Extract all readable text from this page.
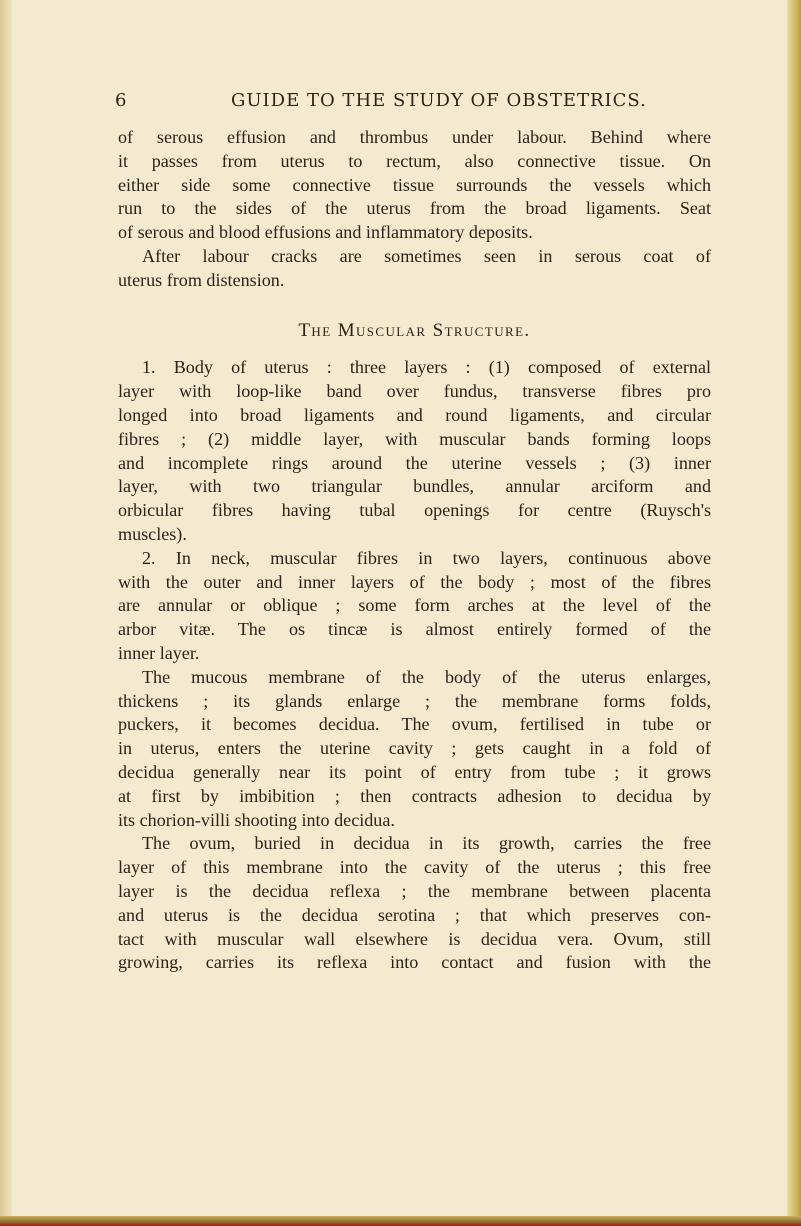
6	GUIDE TO THE STUDY OF OBSTETRICS.
of serous effusion and thrombus under labour. Behind where
it passes from uterus to rectum, also connective tissue. On
either side some connective tissue surrounds the vessels which
run to the sides of the uterus from the broad ligaments. Seat
of serous and blood effusions and inflammatory deposits.
After labour cracks are sometimes seen in serous coat of
uterus from distension.
The Muscular Structure.
1. Body of uterus : three layers : (1) composed of external
layer with loop-like band over fundus, transverse fibres pro
longed into broad ligaments and round ligaments, and circular
fibres ; (2) middle layer, with muscular bands forming loops
and incomplete rings around the uterine vessels ; (3) inner
layer, with two triangular bundles, annular arciform and
orbicular fibres having tubal openings for centre (Ruysch's
muscles).
2. In neck, muscular fibres in two layers, continuous above
with the outer and inner layers of the body ; most of the fibres
are annular or oblique ; some form arches at the level of the
arbor vitæ. The os tincæ is almost entirely formed of the
inner layer.
The mucous membrane of the body of the uterus enlarges,
thickens ; its glands enlarge ; the membrane forms folds,
puckers, it becomes decidua. The ovum, fertilised in tube or
in uterus, enters the uterine cavity ; gets caught in a fold of
decidua generally near its point of entry from tube ; it grows
at first by imbibition ; then contracts adhesion to decidua by
its chorion-villi shooting into decidua.
The ovum, buried in decidua in its growth, carries the free
layer of this membrane into the cavity of the uterus ; this free
layer is the decidua reflexa ; the membrane between placenta
and uterus is the decidua serotina ; that which preserves con-
tact with muscular wall elsewhere is decidua vera. Ovum, still
growing, carries its reflexa into contact and fusion with the
